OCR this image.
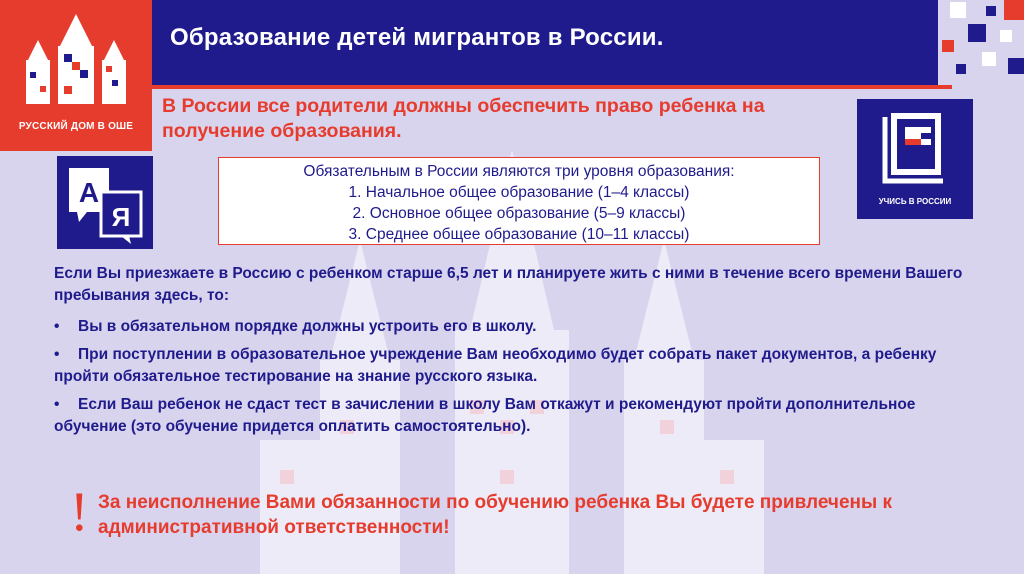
РУССКИЙ ДОМ В ОШЕ
Образование детей мигрантов в России.
В России все родители должны обеспечить право ребенка на получение образования.
А
Я
УЧИСЬ В РОССИИ
Обязательным в России являются три уровня образования:
1. Начальное общее образование (1–4 классы)
2. Основное общее образование (5–9 классы)
3. Среднее общее образование (10–11 классы)

Если Вы приезжаете в Россию с ребенком старше 6,5 лет и планируете жить с ними в течение всего времени Вашего пребывания здесь, то:

• Вы в обязательном порядке должны устроить его в школу.

• При поступлении в образовательное учреждение Вам необходимо будет собрать пакет документов, а ребенку пройти обязательное тестирование на знание русского языка.

• Если Ваш ребенок не сдаст тест в зачислении в школу Вам откажут и рекомендуют пройти дополнительное обучение (это обучение придется оплатить самостоятельно).

! За неисполнение Вами обязанности по обучению ребенка Вы будете привлечены к административной ответственности!
